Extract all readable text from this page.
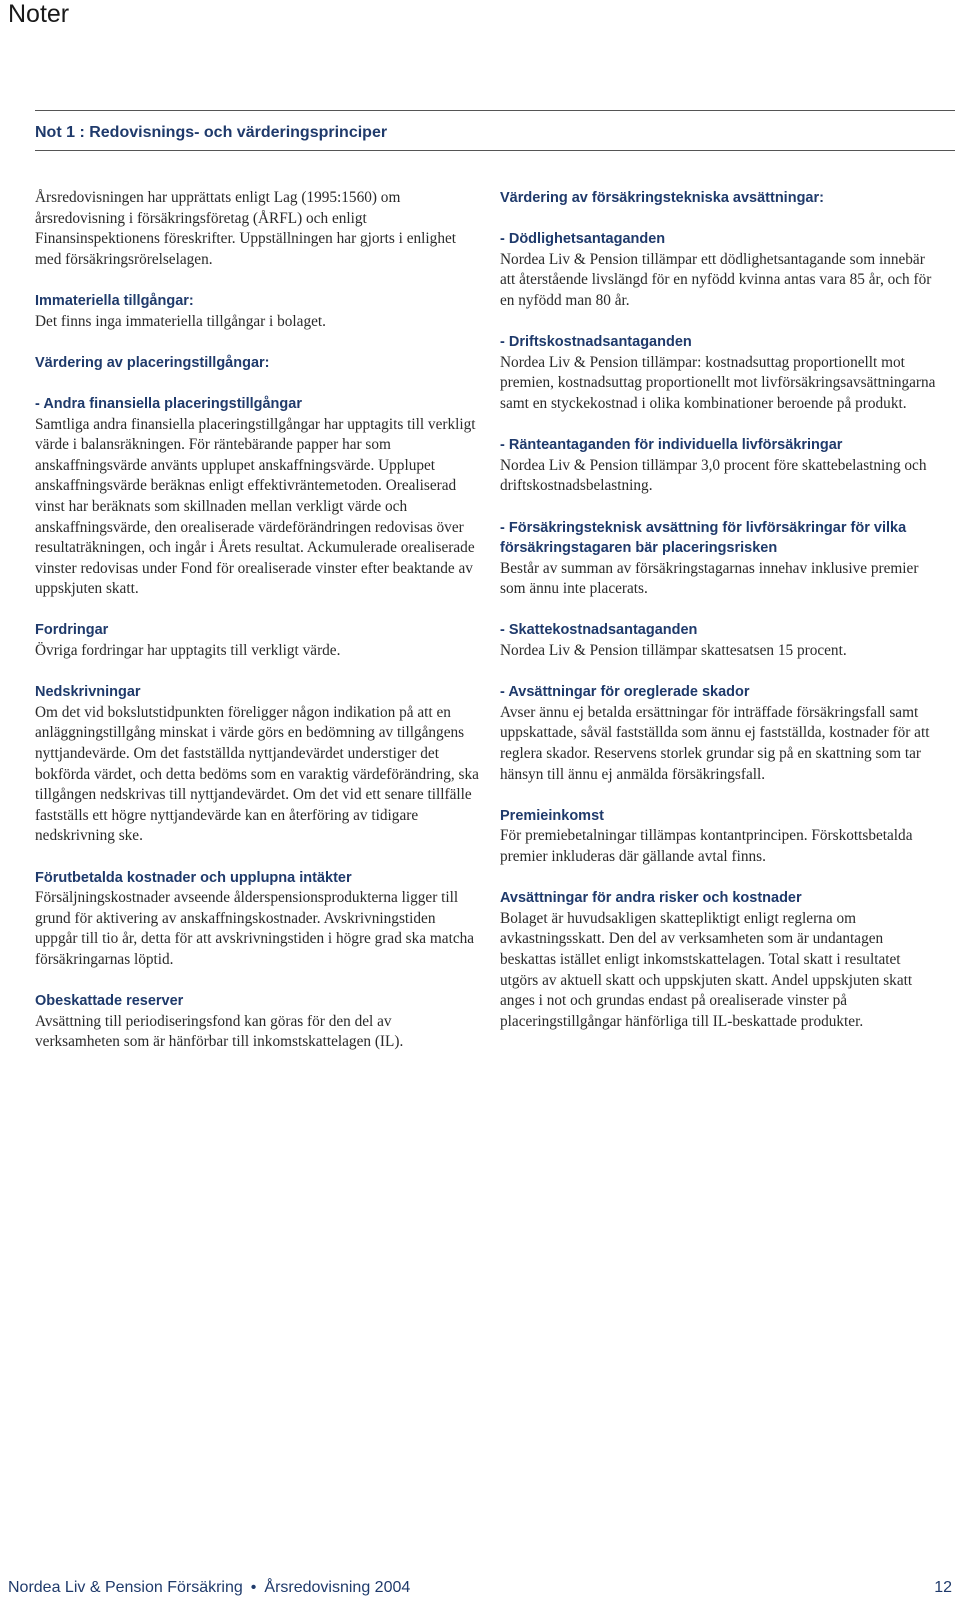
Noter
Not 1 : Redovisnings- och värderingsprinciper

Årsredovisningen har upprättats enligt Lag (1995:1560) om årsredovisning i försäkringsföretag (ÅRFL) och enligt Finansinspektionens föreskrifter. Uppställningen har gjorts i enlighet med försäkringsrörelselagen.

Immateriella tillgångar:

Det finns inga immateriella tillgångar i bolaget.

Värdering av placeringstillgångar:

- Andra finansiella placeringstillgångar

Samtliga andra finansiella placeringstillgångar har upptagits till verkligt värde i balansräkningen. För räntebärande papper har som anskaffningsvärde använts upplupet anskaffningsvärde. Upplupet anskaffningsvärde beräknas enligt effektivräntemetoden. Orealiserad vinst har beräknats som skillnaden mellan verkligt värde och anskaffningsvärde, den orealiserade värdeförändringen redovisas över resultaträkningen, och ingår i Årets resultat. Ackumulerade orealiserade vinster redovisas under Fond för orealiserade vinster efter beaktande av uppskjuten skatt.

Fordringar

Övriga fordringar har upptagits till verkligt värde.

Nedskrivningar

Om det vid bokslutstidpunkten föreligger någon indikation på att en anläggningstillgång minskat i värde görs en bedömning av tillgångens nyttjandevärde. Om det fastställda nyttjandevärdet understiger det bokförda värdet, och detta bedöms som en varaktig värdeförändring, ska tillgången nedskrivas till nyttjandevärdet. Om det vid ett senare tillfälle fastställs ett högre nyttjandevärde kan en återföring av tidigare nedskrivning ske.

Förutbetalda kostnader och upplupna intäkter

Försäljningskostnader avseende ålderspensionsprodukterna ligger till grund för aktivering av anskaffningskostnader. Avskrivningstiden uppgår till tio år, detta för att avskrivningstiden i högre grad ska matcha försäkringarnas löptid.

Obeskattade reserver

Avsättning till periodiseringsfond kan göras för den del av verksamheten som är hänförbar till inkomstskattelagen (IL).

Värdering av försäkringstekniska avsättningar:

- Dödlighetsantaganden

Nordea Liv & Pension tillämpar ett dödlighetsantagande som innebär att återstående livslängd för en nyfödd kvinna antas vara 85 år, och för en nyfödd man 80 år.

- Driftskostnadsantaganden

Nordea Liv & Pension tillämpar: kostnadsuttag proportionellt mot premien, kostnadsuttag proportionellt mot livförsäkringsavsättningarna samt en styckekostnad i olika kombinationer beroende på produkt.

- Ränteantaganden för individuella livförsäkringar

Nordea Liv & Pension tillämpar 3,0 procent före skattebelastning och driftskostnadsbelastning.

- Försäkringsteknisk avsättning för livförsäkringar för vilka försäkringstagaren bär placeringsrisken

Består av summan av försäkringstagarnas innehav inklusive premier som ännu inte placerats.

- Skattekostnadsantaganden

Nordea Liv & Pension tillämpar skattesatsen 15 procent.

- Avsättningar för oreglerade skador

Avser ännu ej betalda ersättningar för inträffade försäkringsfall samt uppskattade, såväl fastställda som ännu ej fastställda, kostnader för att reglera skador. Reservens storlek grundar sig på en skattning som tar hänsyn till ännu ej anmälda försäkringsfall.

Premieinkomst

För premiebetalningar tillämpas kontantprincipen. Förskottsbetalda premier inkluderas där gällande avtal finns.

Avsättningar för andra risker och kostnader

Bolaget är huvudsakligen skattepliktigt enligt reglerna om avkastningsskatt. Den del av verksamheten som är undantagen beskattas istället enligt inkomstskattelagen. Total skatt i resultatet utgörs av aktuell skatt och uppskjuten skatt. Andel uppskjuten skatt anges i not och grundas endast på orealiserade vinster på placeringstillgångar hänförliga till IL-beskattade produkter.

Nordea Liv & Pension Försäkring • Årsredovisning 2004	12
